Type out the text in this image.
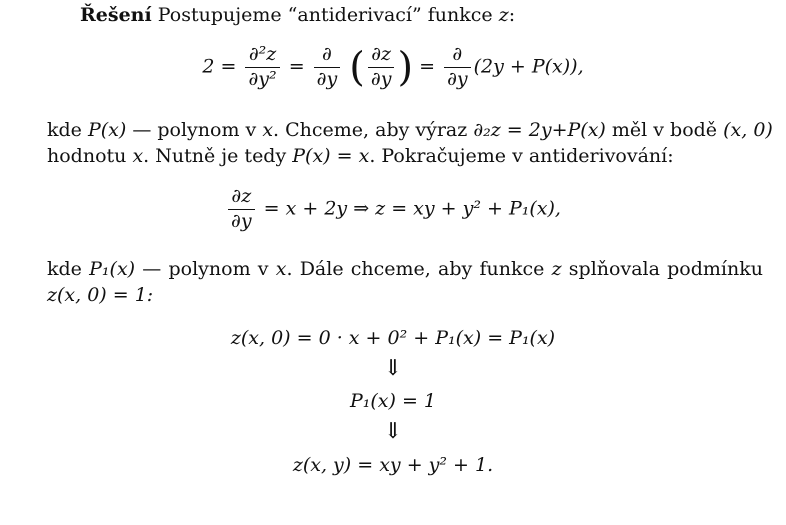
Řešení Postupujeme “antiderivací” funkce z:
$2 = \frac{\text{∂²z}}{\text{∂y²}} = \frac{\partial}{\partial y}$ ( $\frac{\partial z}{\partial y}$ ) = $\frac{\partial}{\partial y} (2y + P(x))$,
kde P(x) — polynom v x. Chceme, aby výraz ∂₂z = 2y+P(x) měl v bodě (x, 0)
hodnotu x. Nutně je tedy P(x) = x. Pokračujeme v antiderivování:
$\frac{\partial z}{\partial y} = x + 2y$ ⇒ z = xy + y² + P₁(x),
kde P₁(x) — polynom v x. Dále chceme, aby funkce z splňovala podmínku
z(x, 0) = 1:
z(x, 0) = 0 · x + 0² + P₁(x) = P₁(x)
⇓
P₁(x) = 1
⇓
z(x, y) = xy + y² + 1.
